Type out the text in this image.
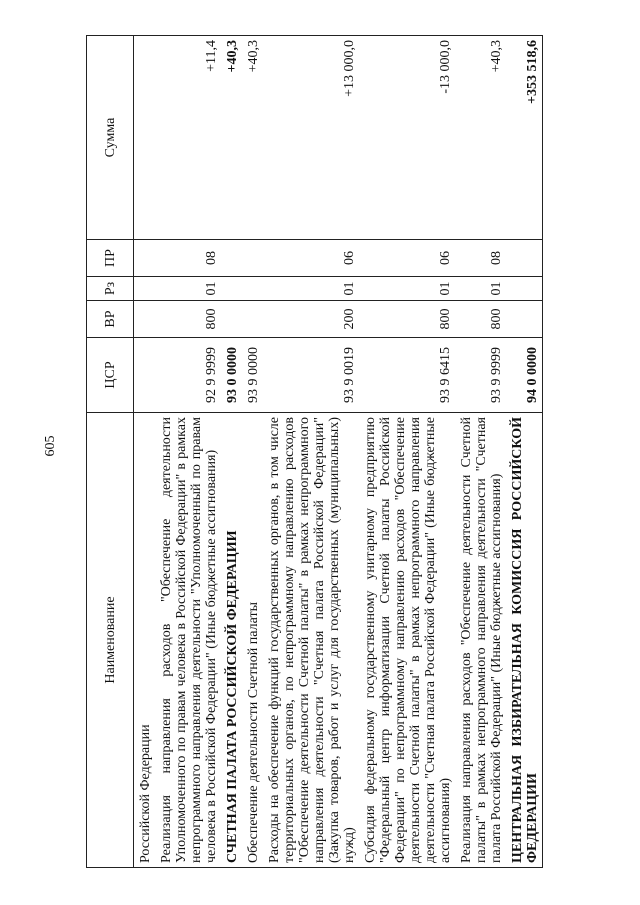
605
Наименование	ЦСР	ВР	Рз	ПР	Сумма
Российской Федерации					
Реализация направления расходов "Обеспечение деятельности Уполномоченного по правам человека в Российской Федерации" в рамках непрограммного направления деятельности "Уполномоченный по правам человека в Российской Федерации" (Иные бюджетные ассигнования)	92 9 9999	800	01	08	+11,4
СЧЕТНАЯ ПАЛАТА РОССИЙСКОЙ ФЕДЕРАЦИИ	93 0 0000				+40,3
Обеспечение деятельности Счетной палаты	93 9 0000				+40,3
Расходы на обеспечение функций государственных органов, в том числе территориальных органов, по непрограммному направлению расходов "Обеспечение деятельности Счетной палаты" в рамках непрограммного направления деятельности "Счетная палата Российской Федерации" (Закупка товаров, работ и услуг для государственных (муниципальных) нужд)	93 9 0019	200	01	06	+13 000,0
Субсидия федеральному государственному унитарному предприятию "Федеральный центр информатизации Счетной палаты Российской Федерации" по непрограммному направлению расходов "Обеспечение деятельности Счетной палаты" в рамках непрограммного направления деятельности "Счетная палата Российской Федерации" (Иные бюджетные ассигнования)	93 9 6415	800	01	06	-13 000,0
Реализация направления расходов "Обеспечение деятельности Счетной палаты" в рамках непрограммного направления деятельности "Счетная палата Российской Федерации" (Иные бюджетные ассигнования)	93 9 9999	800	01	08	+40,3
ЦЕНТРАЛЬНАЯ ИЗБИРАТЕЛЬНАЯ КОМИССИЯ РОССИЙСКОЙ ФЕДЕРАЦИИ	94 0 0000				+353 518,6
